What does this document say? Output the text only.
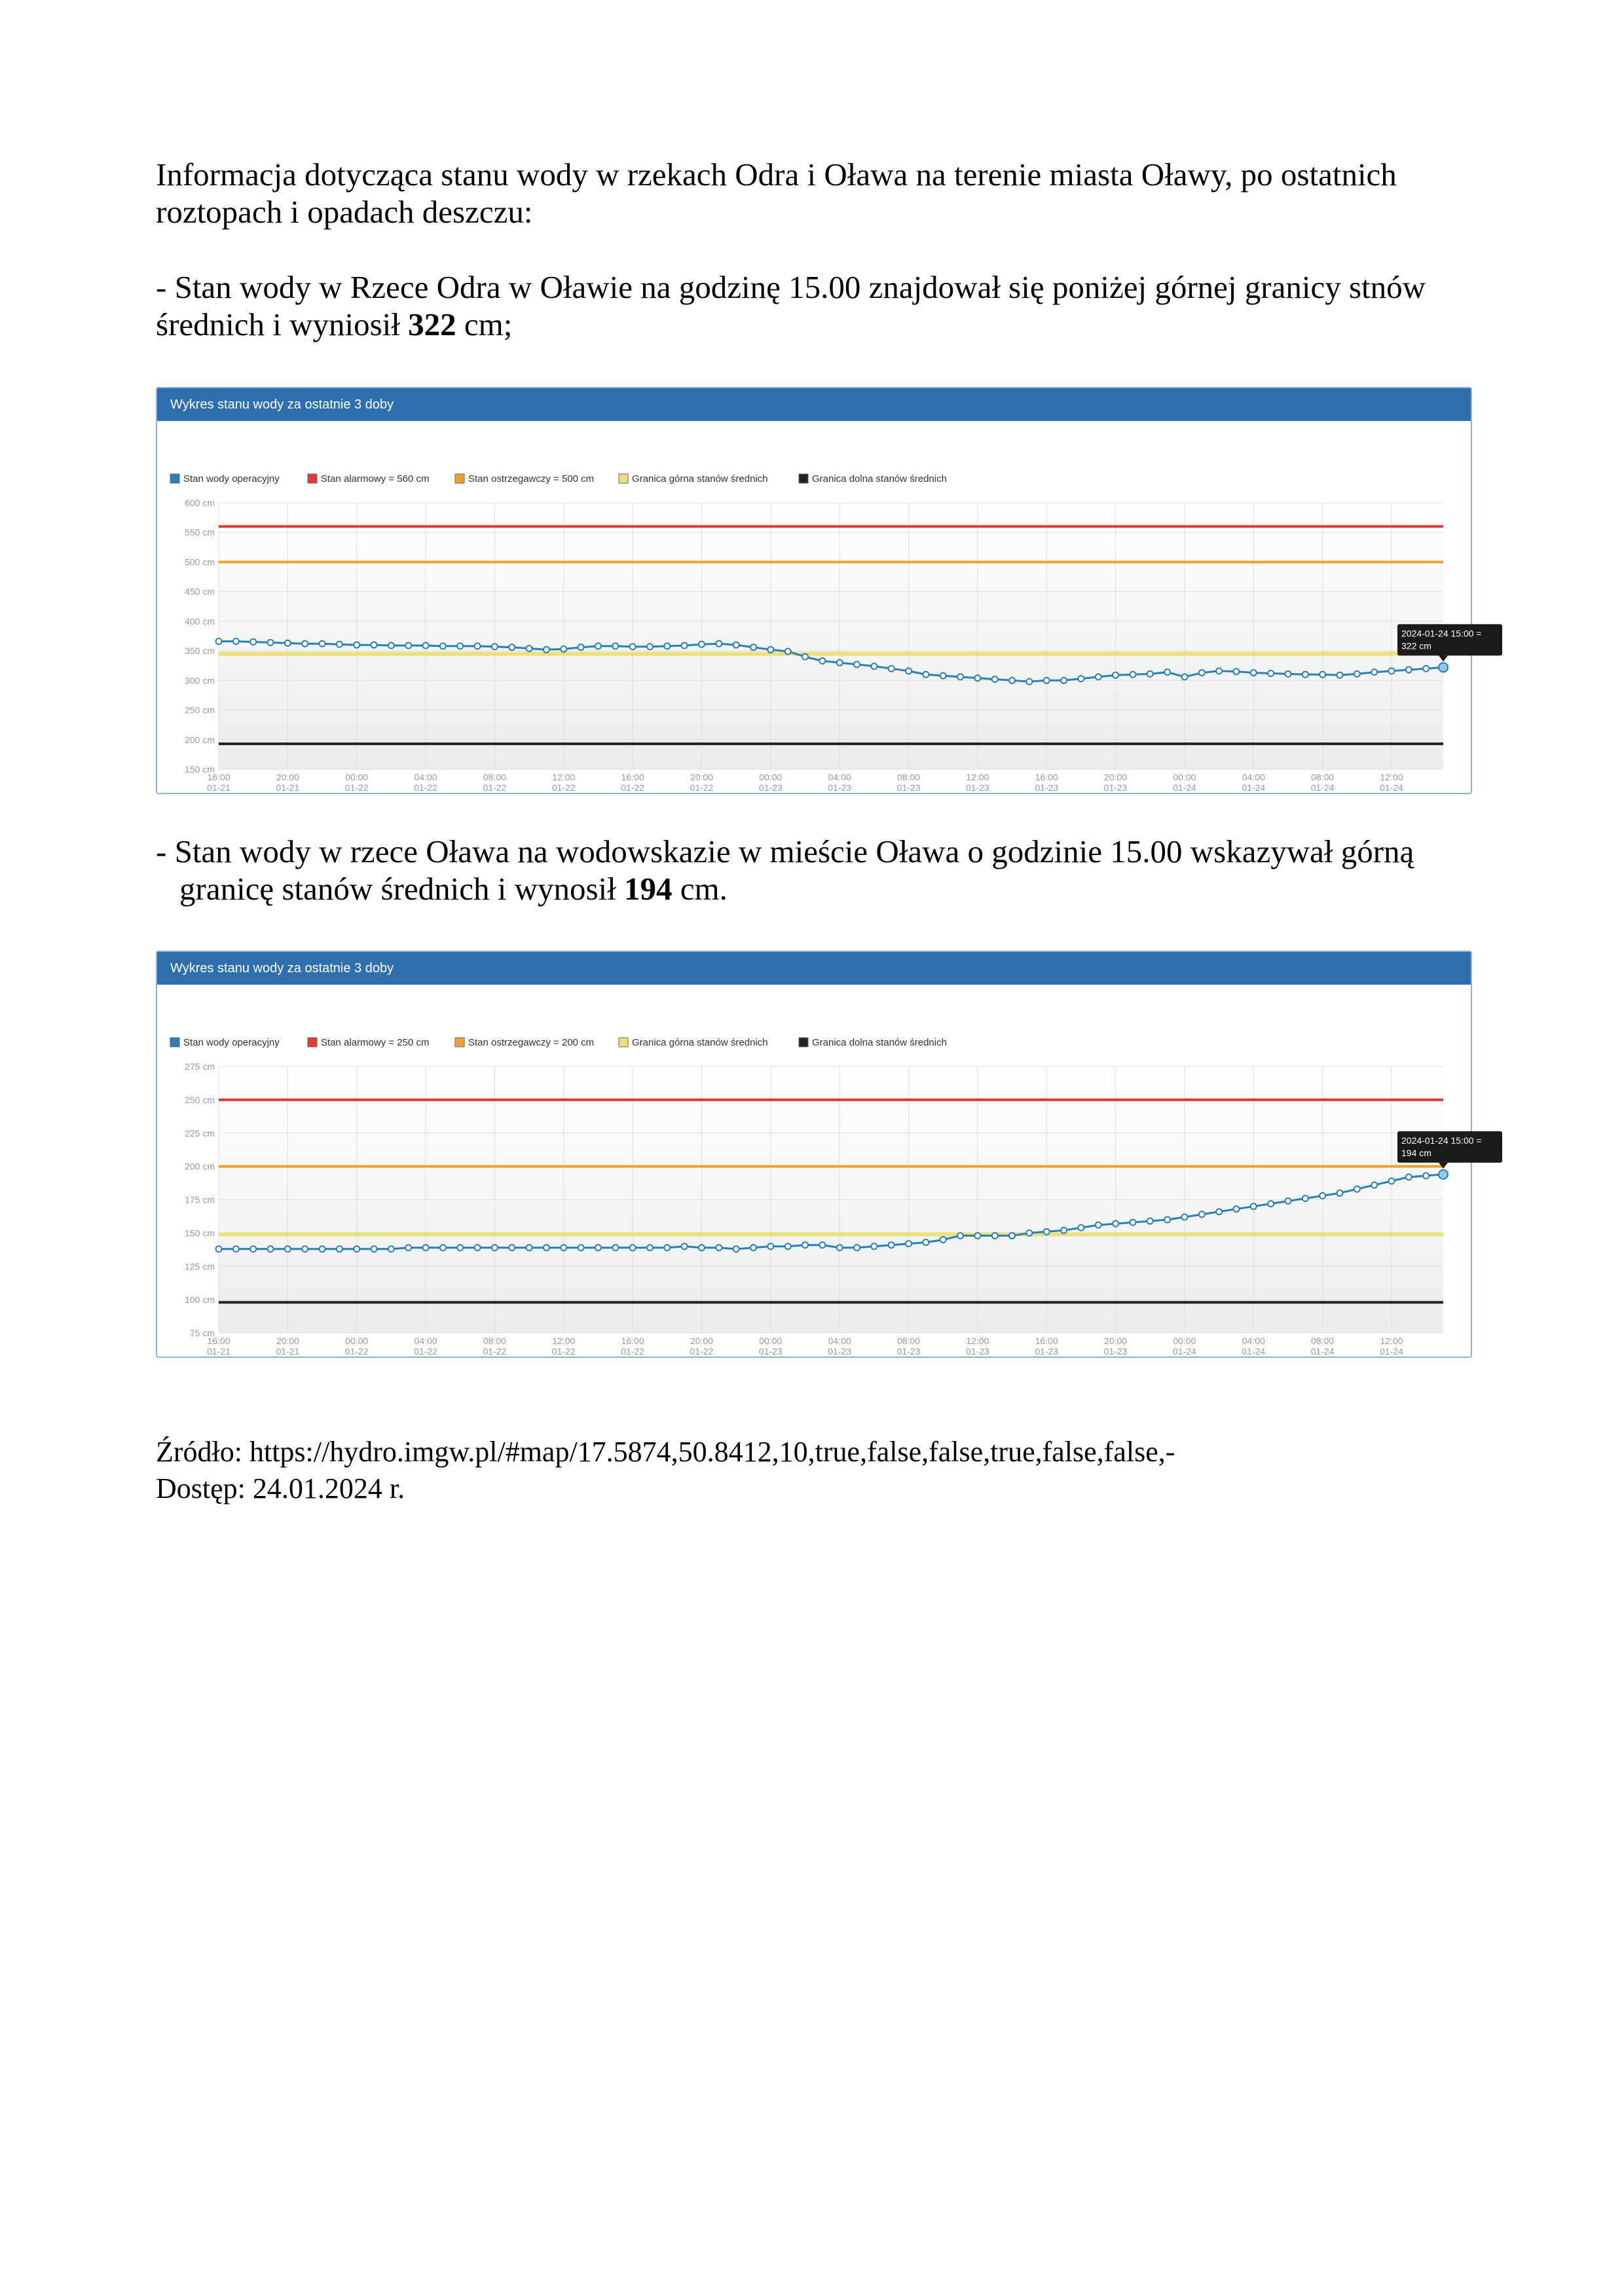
Informacja dotycząca stanu wody w rzekach Odra i Oława na terenie miasta Oławy, po ostatnich roztopach i opadach deszczu:

- Stan wody w Rzece Odra w Oławie na godzinę 15.00 znajdował się poniżej górnej granicy stnów średnich i wyniosił 322 cm;

Wykres stanu wody za ostatnie 3 doby
Stan wody operacyjny	Stan alarmowy = 560 cm	Stan ostrzegawczy = 500 cm	Granica górna stanów średnich	Granica dolna stanów średnich
600 cm
550 cm
500 cm
450 cm
400 cm
350 cm
300 cm
250 cm
200 cm
150 cm
16:00
01-21
20:00
01-21
00:00
01-22
04:00
01-22
08:00
01-22
12:00
01-22
16:00
01-22
20:00
01-22
00:00
01-23
04:00
01-23
08:00
01-23
12:00
01-23
16:00
01-23
20:00
01-23
00:00
01-24
04:00
01-24
08:00
01-24
12:00
01-24
2024-01-24 15:00 =
322 cm

- Stan wody w rzece Oława na wodowskazie w mieście Oława o godzinie 15.00 wskazywał górną
granicę stanów średnich i wynosił 194 cm.

Wykres stanu wody za ostatnie 3 doby
Stan wody operacyjny	Stan alarmowy = 250 cm	Stan ostrzegawczy = 200 cm	Granica górna stanów średnich	Granica dolna stanów średnich
275 cm
250 cm
225 cm
200 cm
175 cm
150 cm
125 cm
100 cm
75 cm
16:00
01-21
20:00
01-21
00:00
01-22
04:00
01-22
08:00
01-22
12:00
01-22
16:00
01-22
20:00
01-22
00:00
01-23
04:00
01-23
08:00
01-23
12:00
01-23
16:00
01-23
20:00
01-23
00:00
01-24
04:00
01-24
08:00
01-24
12:00
01-24
2024-01-24 15:00 =
194 cm
Źródło: https://hydro.imgw.pl/#map/17.5874,50.8412,10,true,false,false,true,false,false,-
Dostęp: 24.01.2024 r.
